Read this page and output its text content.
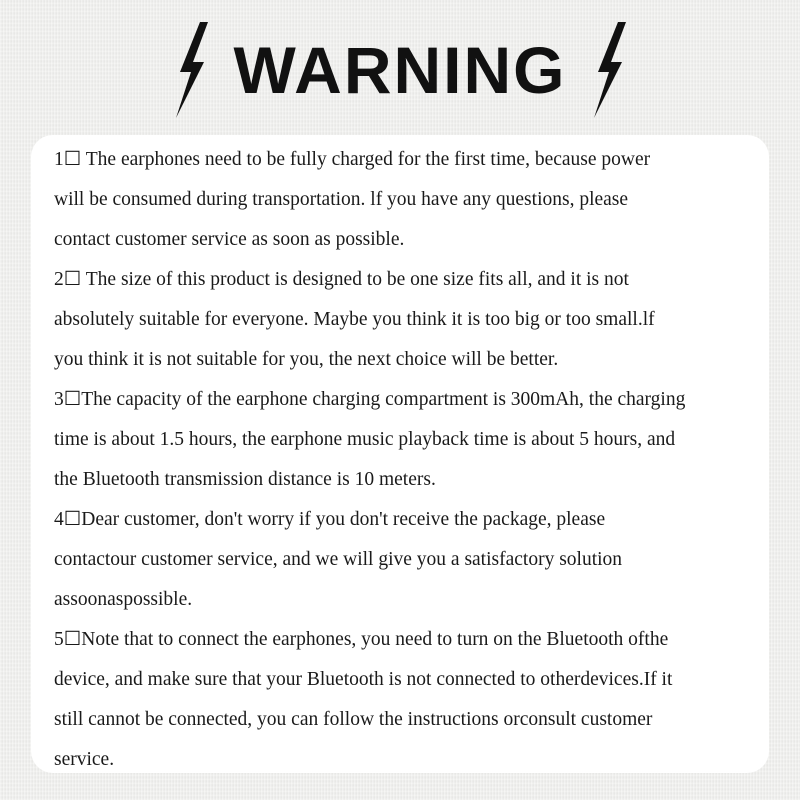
WARNING
1☐ The earphones need to be fully charged for the first time, because power
will be consumed during transportation. lf you have any questions, please
contact customer service as soon as possible.
2☐ The size of this product is designed to be one size fits all, and it is not
absolutely suitable for everyone. Maybe you think it is too big or too small.lf
you think it is not suitable for you, the next choice will be better.
3☐The capacity of the earphone charging compartment is 300mAh, the charging
time is about 1.5 hours, the earphone music playback time is about 5 hours, and
the Bluetooth transmission distance is 10 meters.
4☐Dear customer, don't worry if you don't receive the package, please
contactour customer service, and we will give you a satisfactory solution
assoonaspossible.
5☐Note that to connect the earphones, you need to turn on the Bluetooth ofthe
device, and make sure that your Bluetooth is not connected to otherdevices.If it
still cannot be connected, you can follow the instructions orconsult customer
service.
